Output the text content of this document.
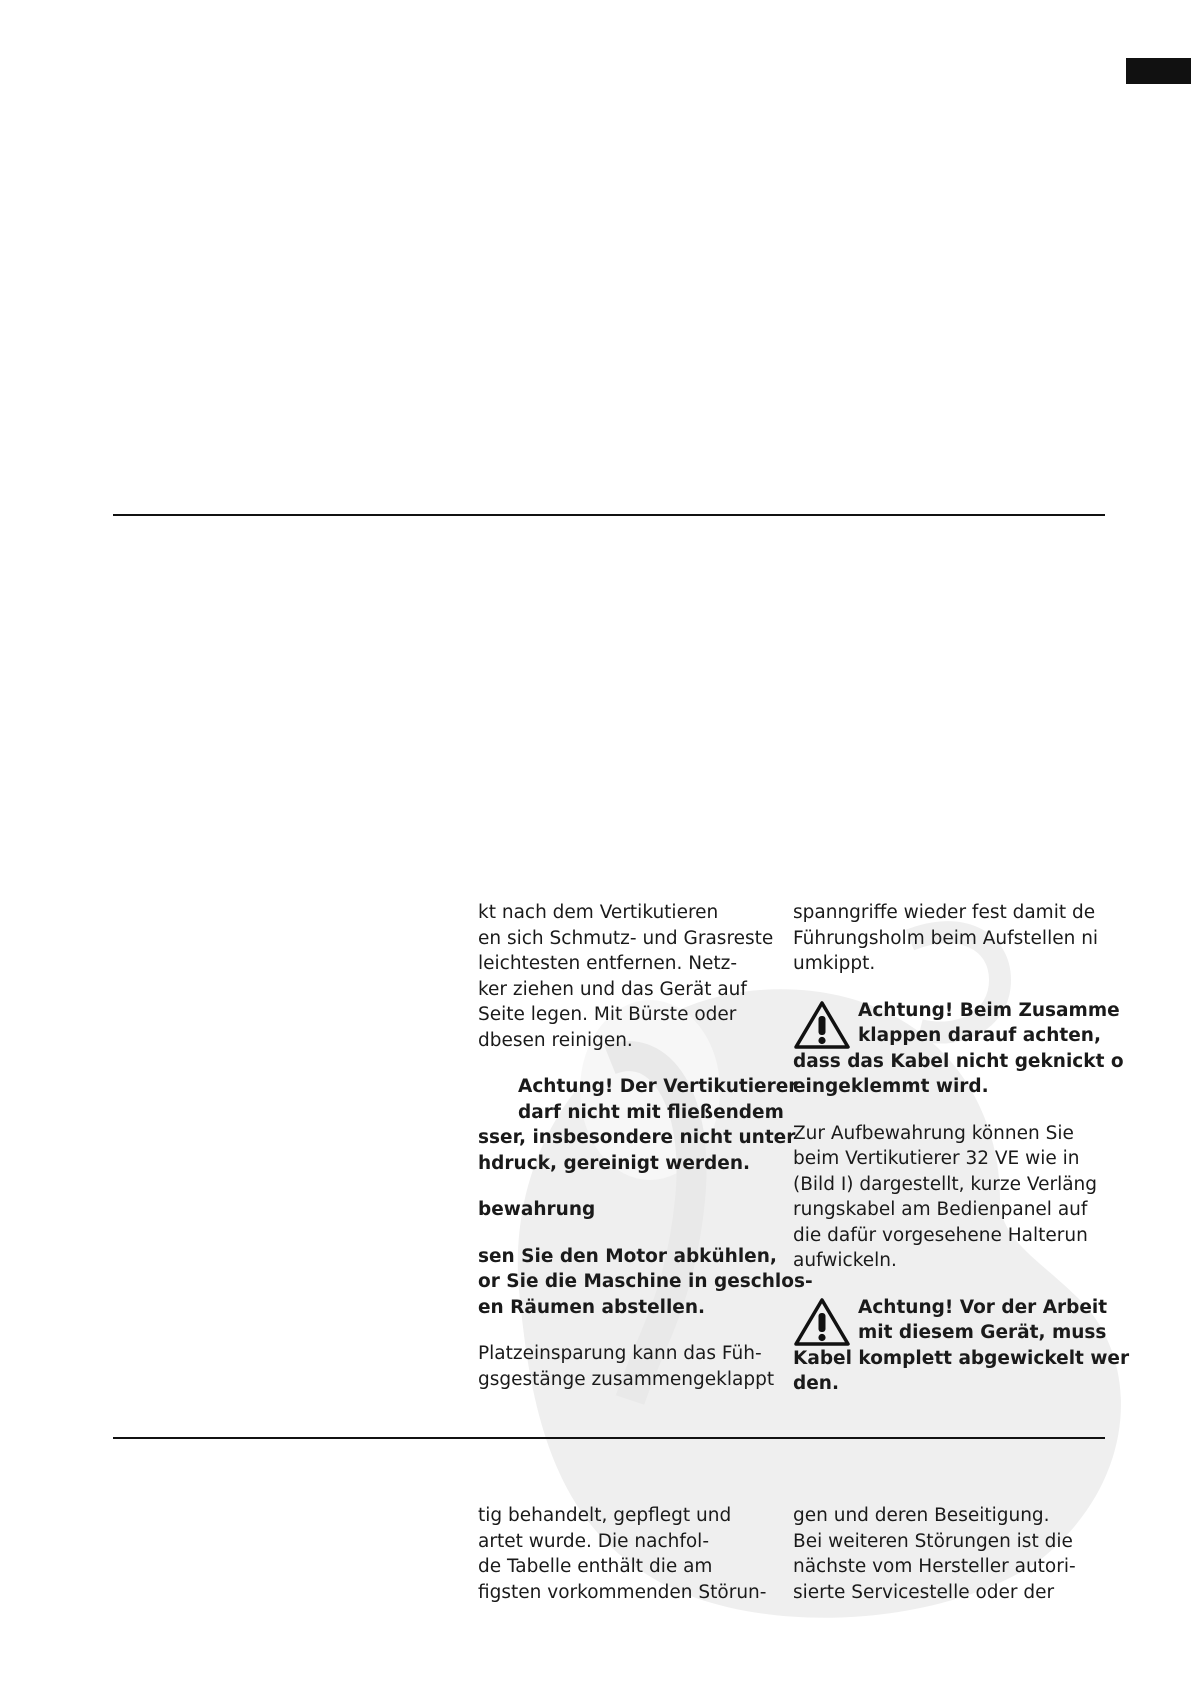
kt nach dem Vertikutieren
en sich Schmutz- und Grasreste
leichtesten entfernen. Netz-
ker ziehen und das Gerät auf
Seite legen. Mit Bürste oder
dbesen reinigen.
Achtung! Der Vertikutierer
darf nicht mit fließendem
sser, insbesondere nicht unter
hdruck, gereinigt werden.
bewahrung
sen Sie den Motor abkühlen,
or Sie die Maschine in geschlos-
en Räumen abstellen.
Platzeinsparung kann das Füh-
gsgestänge zusammengeklappt
spanngriffe wieder fest damit de
Führungsholm beim Aufstellen ni
umkippt.
Achtung! Beim Zusamme
klappen darauf achten,
dass das Kabel nicht geknickt o
eingeklemmt wird.
Zur Aufbewahrung können Sie
beim Vertikutierer 32 VE wie in
(Bild I) dargestellt, kurze Verläng
rungskabel am Bedienpanel auf
die dafür vorgesehene Halterun
aufwickeln.
Achtung! Vor der Arbeit
mit diesem Gerät, muss
Kabel komplett abgewickelt wer
den.
tig behandelt, gepflegt und
artet wurde. Die nachfol-
de Tabelle enthält die am
figsten vorkommenden Störun-
gen und deren Beseitigung.
Bei weiteren Störungen ist die
nächste vom Hersteller autori-
sierte Servicestelle oder der
